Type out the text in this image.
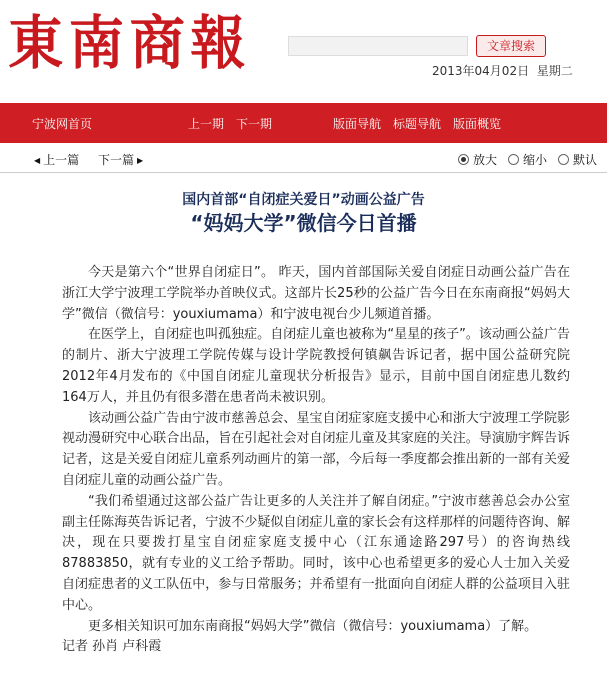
東南商報	文章搜索
2013年04月02日 星期二
宁波网首页	上一期 下一期	版面导航 标题导航 版面概览
◀ 上一篇 下一篇 ▶	放大	缩小	默认
国内首部“自闭症关爱日”动画公益广告
“妈妈大学”微信今日首播

今天是第六个“世界自闭症日”。 昨天，国内首部国际关爱自闭症日动画公益广告在浙江大学宁波理工学院举办首映仪式。这部片长25秒的公益广告今日在东南商报“妈妈大学”微信（微信号：youxiumama）和宁波电视台少儿频道首播。

在医学上，自闭症也叫孤独症。自闭症儿童也被称为“星星的孩子”。该动画公益广告的制片、浙大宁波理工学院传媒与设计学院教授何镇飙告诉记者，据中国公益研究院2012年4月发布的《中国自闭症儿童现状分析报告》显示，目前中国自闭症患儿数约164万人，并且仍有很多潜在患者尚未被识别。

该动画公益广告由宁波市慈善总会、星宝自闭症家庭支援中心和浙大宁波理工学院影视动漫研究中心联合出品，旨在引起社会对自闭症儿童及其家庭的关注。导演励宇辉告诉记者，这是关爱自闭症儿童系列动画片的第一部，今后每一季度都会推出新的一部有关爱自闭症儿童的动画公益广告。

“我们希望通过这部公益广告让更多的人关注并了解自闭症。”宁波市慈善总会办公室副主任陈海英告诉记者，宁波不少疑似自闭症儿童的家长会有这样那样的问题待咨询、解决，现在只要拨打星宝自闭症家庭支援中心（江东通途路297号）的咨询热线87883850，就有专业的义工给予帮助。同时，该中心也希望更多的爱心人士加入关爱自闭症患者的义工队伍中，参与日常服务；并希望有一批面向自闭症人群的公益项目入驻中心。

更多相关知识可加东南商报“妈妈大学”微信（微信号：youxiumama）了解。

记者 孙肖 卢科霞
